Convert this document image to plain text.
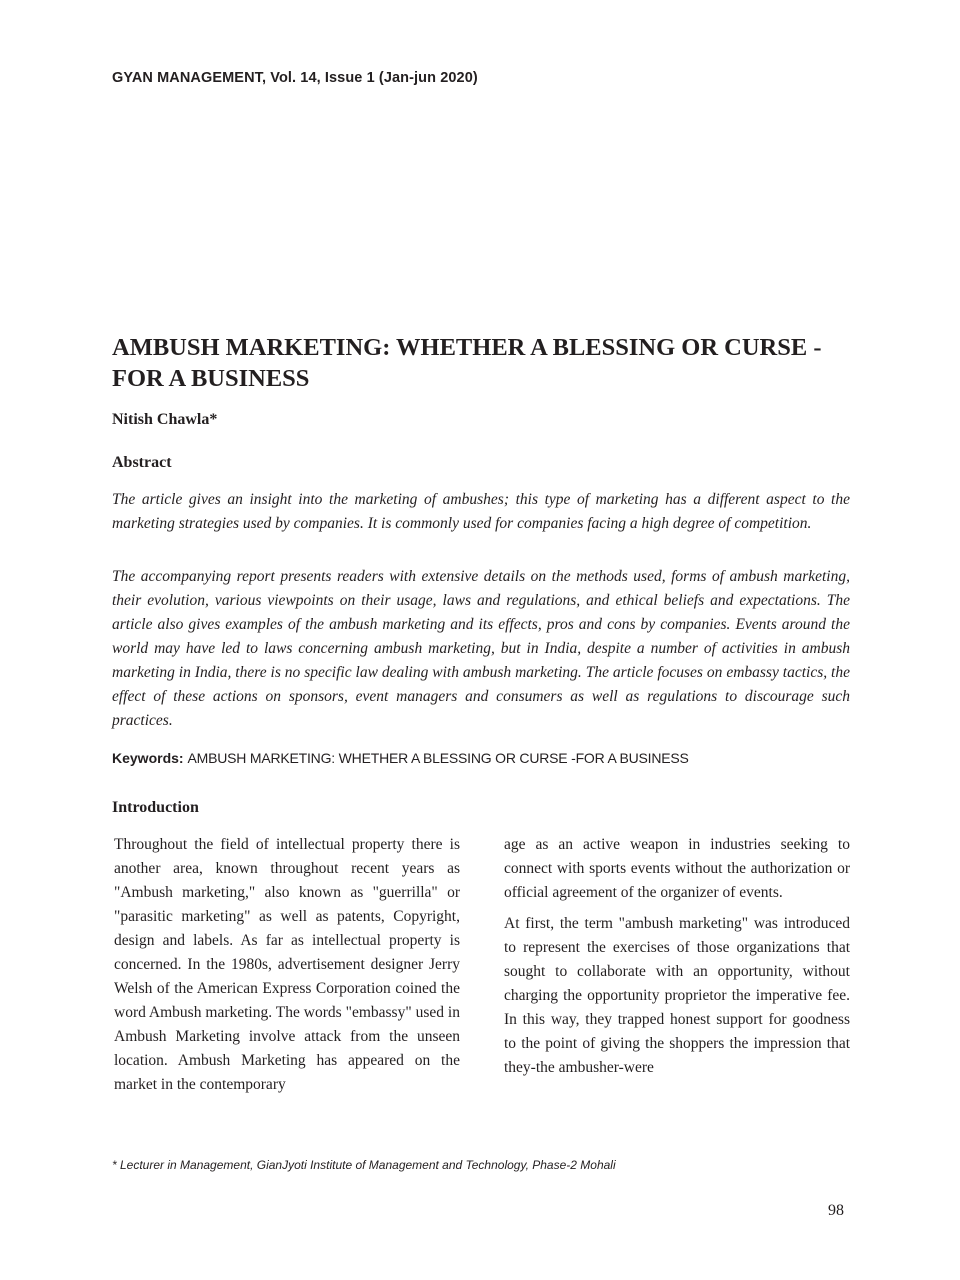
GYAN MANAGEMENT, Vol. 14, Issue 1 (Jan-jun 2020)
AMBUSH MARKETING: WHETHER A BLESSING OR CURSE -FOR A BUSINESS
Nitish Chawla*
Abstract

The article gives an insight into the marketing of ambushes; this type of marketing has a different aspect to the marketing strategies used by companies. It is commonly used for companies facing a high degree of competition.

The accompanying report presents readers with extensive details on the methods used, forms of ambush marketing, their evolution, various viewpoints on their usage, laws and regulations, and ethical beliefs and expectations. The article also gives examples of the ambush marketing and its effects, pros and cons by companies. Events around the world may have led to laws concerning ambush marketing, but in India, despite a number of activities in ambush marketing in India, there is no specific law dealing with ambush marketing. The article focuses on embassy tactics, the effect of these actions on sponsors, event managers and consumers as well as regulations to discourage such practices.

Keywords: AMBUSH MARKETING: WHETHER A BLESSING OR CURSE -FOR A BUSINESS
Introduction

Throughout the field of intellectual property there is another area, known throughout recent years as "Ambush marketing," also known as "guerrilla" or "parasitic marketing" as well as patents, Copyright, design and labels. As far as intellectual property is concerned. In the 1980s, advertisement designer Jerry Welsh of the American Express Corporation coined the word Ambush marketing. The words "embassy" used in Ambush Marketing involve attack from the unseen location. Ambush Marketing has appeared on the market in the contemporary

age as an active weapon in industries seeking to connect with sports events without the authorization or official agreement of the organizer of events.

At first, the term "ambush marketing" was introduced to represent the exercises of those organizations that sought to collaborate with an opportunity, without charging the opportunity proprietor the imperative fee. In this way, they trapped honest support for goodness to the point of giving the shoppers the impression that they-the ambusher-were

* Lecturer in Management, GianJyoti Institute of Management and Technology, Phase-2 Mohali
98
